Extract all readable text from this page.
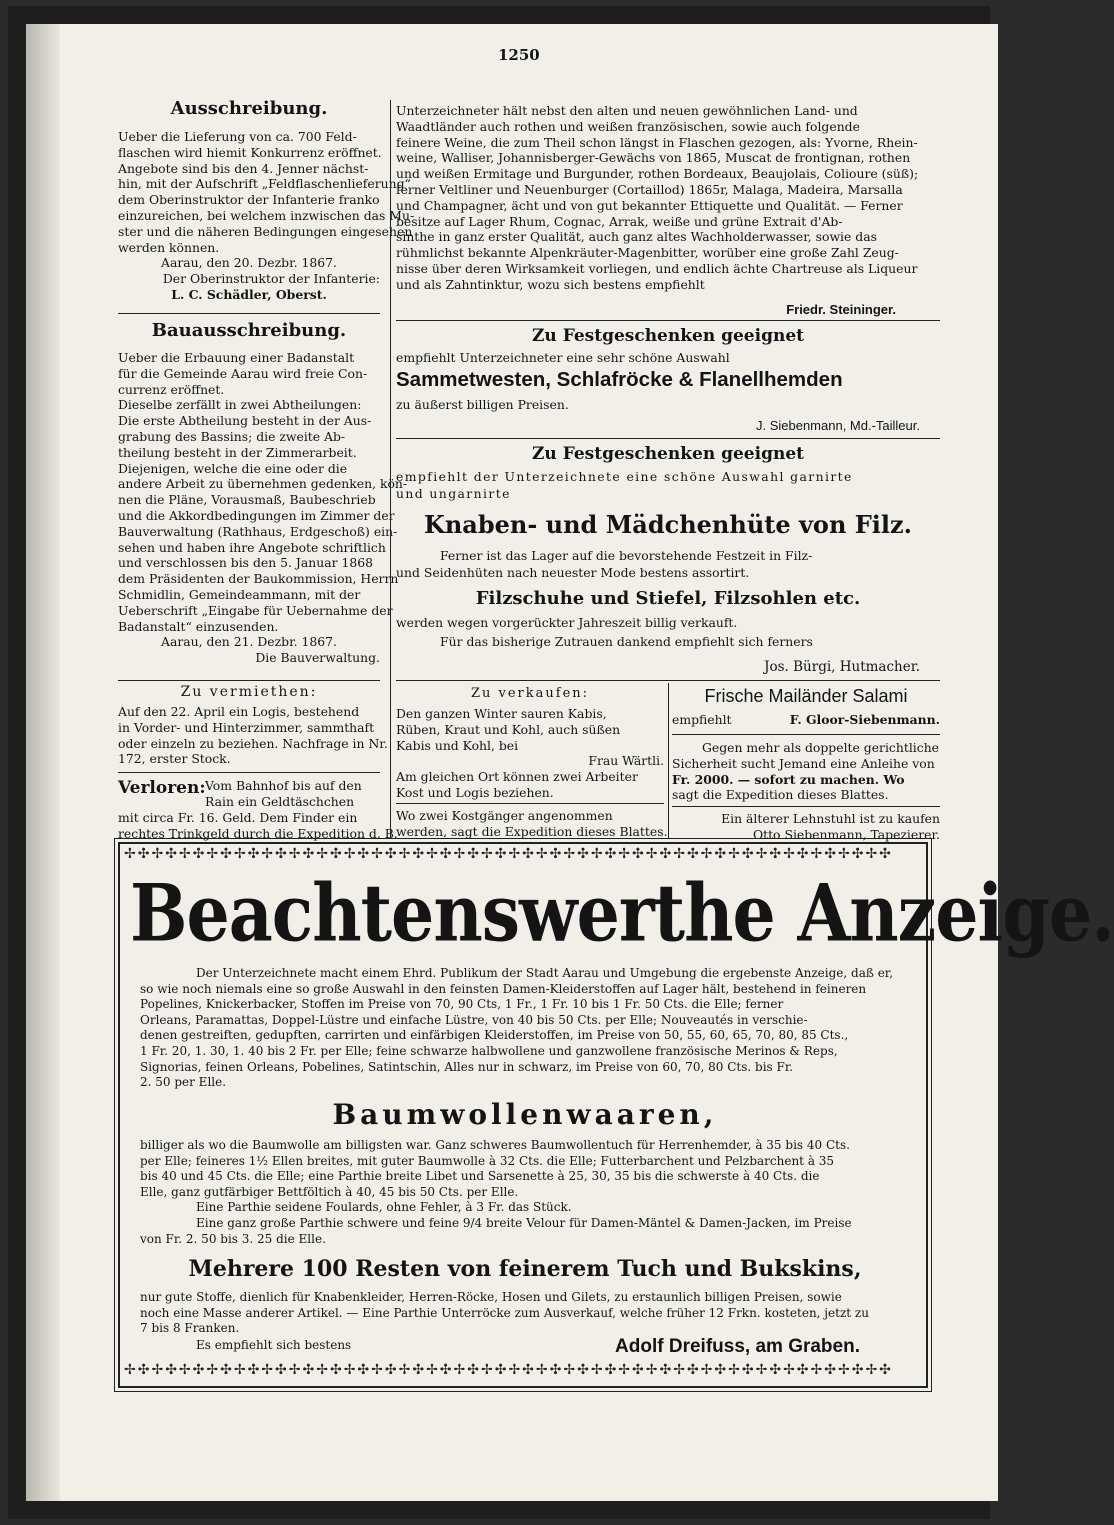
1250
Ausschreibung.
Ueber die Lieferung von ca. 700 Feld-
flaschen wird hiemit Konkurrenz eröffnet.
Angebote sind bis den 4. Jenner nächst-
hin, mit der Aufschrift „Feldflaschenlieferung“
dem Oberinstruktor der Infanterie franko
einzureichen, bei welchem inzwischen das Mu-
ster und die näheren Bedingungen eingesehen
werden können.
Aarau, den 20. Dezbr. 1867.
Der Oberinstruktor der Infanterie:
L. C. Schädler, Oberst.
Bauausschreibung.
Ueber die Erbauung einer Badanstalt
für die Gemeinde Aarau wird freie Con-
currenz eröffnet.
Dieselbe zerfällt in zwei Abtheilungen:
Die erste Abtheilung besteht in der Aus-
grabung des Bassins; die zweite Ab-
theilung besteht in der Zimmerarbeit.
Diejenigen, welche die eine oder die
andere Arbeit zu übernehmen gedenken, kön-
nen die Pläne, Vorausmaß, Baubeschrieb
und die Akkordbedingungen im Zimmer der
Bauverwaltung (Rathhaus, Erdgeschoß) ein-
sehen und haben ihre Angebote schriftlich
und verschlossen bis den 5. Januar 1868
dem Präsidenten der Baukommission, Herrn
Schmidlin, Gemeindeammann, mit der
Ueberschrift „Eingabe für Uebernahme der
Badanstalt“ einzusenden.
Aarau, den 21. Dezbr. 1867.
Die Bauverwaltung.
Zu vermiethen:
Auf den 22. April ein Logis, bestehend
in Vorder- und Hinterzimmer, sammthaft
oder einzeln zu beziehen. Nachfrage in Nr.
172, erster Stock.
Verloren: Vom Bahnhof bis auf den
Rain ein Geldtäschchen
mit circa Fr. 16. Geld. Dem Finder ein
rechtes Trinkgeld durch die Expedition d. B.
Unterzeichneter hält nebst den alten und neuen gewöhnlichen Land- und
Waadtländer auch rothen und weißen französischen, sowie auch folgende
feinere Weine, die zum Theil schon längst in Flaschen gezogen, als: Yvorne, Rhein-
weine, Walliser, Johannisberger-Gewächs von 1865, Muscat de frontignan, rothen
und weißen Ermitage und Burgunder, rothen Bordeaux, Beaujolais, Colioure (süß);
ferner Veltliner und Neuenburger (Cortaillod) 1865r, Malaga, Madeira, Marsalla
und Champagner, ächt und von gut bekannter Ettiquette und Qualität. — Ferner
besitze auf Lager Rhum, Cognac, Arrak, weiße und grüne Extrait d'Ab-
sinthe in ganz erster Qualität, auch ganz altes Wachholderwasser, sowie das
rühmlichst bekannte Alpenkräuter-Magenbitter, worüber eine große Zahl Zeug-
nisse über deren Wirksamkeit vorliegen, und endlich ächte Chartreuse als Liqueur
und als Zahntinktur, wozu sich bestens empfiehlt
Friedr. Steininger.
Zu Festgeschenken geeignet
empfiehlt Unterzeichneter eine sehr schöne Auswahl
Sammetwesten, Schlafröcke & Flanellhemden
zu äußerst billigen Preisen.
J. Siebenmann, Md.-Tailleur.
Zu Festgeschenken geeignet
empfiehlt der Unterzeichnete eine schöne Auswahl garnirte
und ungarnirte
Knaben- und Mädchenhüte von Filz.
Ferner ist das Lager auf die bevorstehende Festzeit in Filz-
und Seidenhüten nach neuester Mode bestens assortirt.
Filzschuhe und Stiefel, Filzsohlen etc.
werden wegen vorgerückter Jahreszeit billig verkauft.
Für das bisherige Zutrauen dankend empfiehlt sich ferners
Jos. Bürgi, Hutmacher.
Zu verkaufen:
Den ganzen Winter sauren Kabis,
Rüben, Kraut und Kohl, auch süßen
Kabis und Kohl, bei
Frau Wärtli.
Am gleichen Ort können zwei Arbeiter
Kost und Logis beziehen.
Wo zwei Kostgänger angenommen
werden, sagt die Expedition dieses Blattes.
Frische Mailänder Salami
empfiehlt	F. Gloor-Siebenmann.
Gegen mehr als doppelte gerichtliche
Sicherheit sucht Jemand eine Anleihe von
Fr. 2000. — sofort zu machen. Wo
sagt die Expedition dieses Blattes.
Ein älterer Lehnstuhl ist zu kaufen
Otto Siebenmann, Tapezierer.
✢✣✢✣✢✣✢✣✢✣✢✣✢✣✢✣✢✣✢✣✢✣✢✣✢✣✢✣✢✣✢✣✢✣✢✣✢✣✢✣✢✣✢✣✢✣✢✣✢✣✢✣✢✣✢✣
✢✣✢✣✢✣✢✣✢✣✢✣✢✣✢✣✢✣✢✣✢✣✢✣✢✣✢✣✢✣✢✣✢✣✢✣✢✣✢✣✢✣✢✣✢✣✢✣✢✣✢✣✢✣✢✣
Beachtenswerthe Anzeige.
Der Unterzeichnete macht einem Ehrd. Publikum der Stadt Aarau und Umgebung die ergebenste Anzeige, daß er,
so wie noch niemals eine so große Auswahl in den feinsten Damen-Kleiderstoffen auf Lager hält, bestehend in feineren
Popelines, Knickerbacker, Stoffen im Preise von 70, 90 Cts, 1 Fr., 1 Fr. 10 bis 1 Fr. 50 Cts. die Elle; ferner
Orleans, Paramattas, Doppel-Lüstre und einfache Lüstre, von 40 bis 50 Cts. per Elle; Nouveautés in verschie-
denen gestreiften, gedupften, carrirten und einfärbigen Kleiderstoffen, im Preise von 50, 55, 60, 65, 70, 80, 85 Cts.,
1 Fr. 20, 1. 30, 1. 40 bis 2 Fr. per Elle; feine schwarze halbwollene und ganzwollene französische Merinos & Reps,
Signorias, feinen Orleans, Pobelines, Satintschin, Alles nur in schwarz, im Preise von 60, 70, 80 Cts. bis Fr.
2. 50 per Elle.
Baumwollenwaaren,
billiger als wo die Baumwolle am billigsten war. Ganz schweres Baumwollentuch für Herrenhemder, à 35 bis 40 Cts.
per Elle; feineres 1½ Ellen breites, mit guter Baumwolle à 32 Cts. die Elle; Futterbarchent und Pelzbarchent à 35
bis 40 und 45 Cts. die Elle; eine Parthie breite Libet und Sarsenette à 25, 30, 35 bis die schwerste à 40 Cts. die
Elle, ganz gutfärbiger Bettföltich à 40, 45 bis 50 Cts. per Elle.
Eine Parthie seidene Foulards, ohne Fehler, à 3 Fr. das Stück.
Eine ganz große Parthie schwere und feine 9/4 breite Velour für Damen-Mäntel & Damen-Jacken, im Preise
von Fr. 2. 50 bis 3. 25 die Elle.
Mehrere 100 Resten von feinerem Tuch und Bukskins,
nur gute Stoffe, dienlich für Knabenkleider, Herren-Röcke, Hosen und Gilets, zu erstaunlich billigen Preisen, sowie
noch eine Masse anderer Artikel. — Eine Parthie Unterröcke zum Ausverkauf, welche früher 12 Frkn. kosteten, jetzt zu
7 bis 8 Franken.
Es empfiehlt sich bestens	Adolf Dreifuss, am Graben.
